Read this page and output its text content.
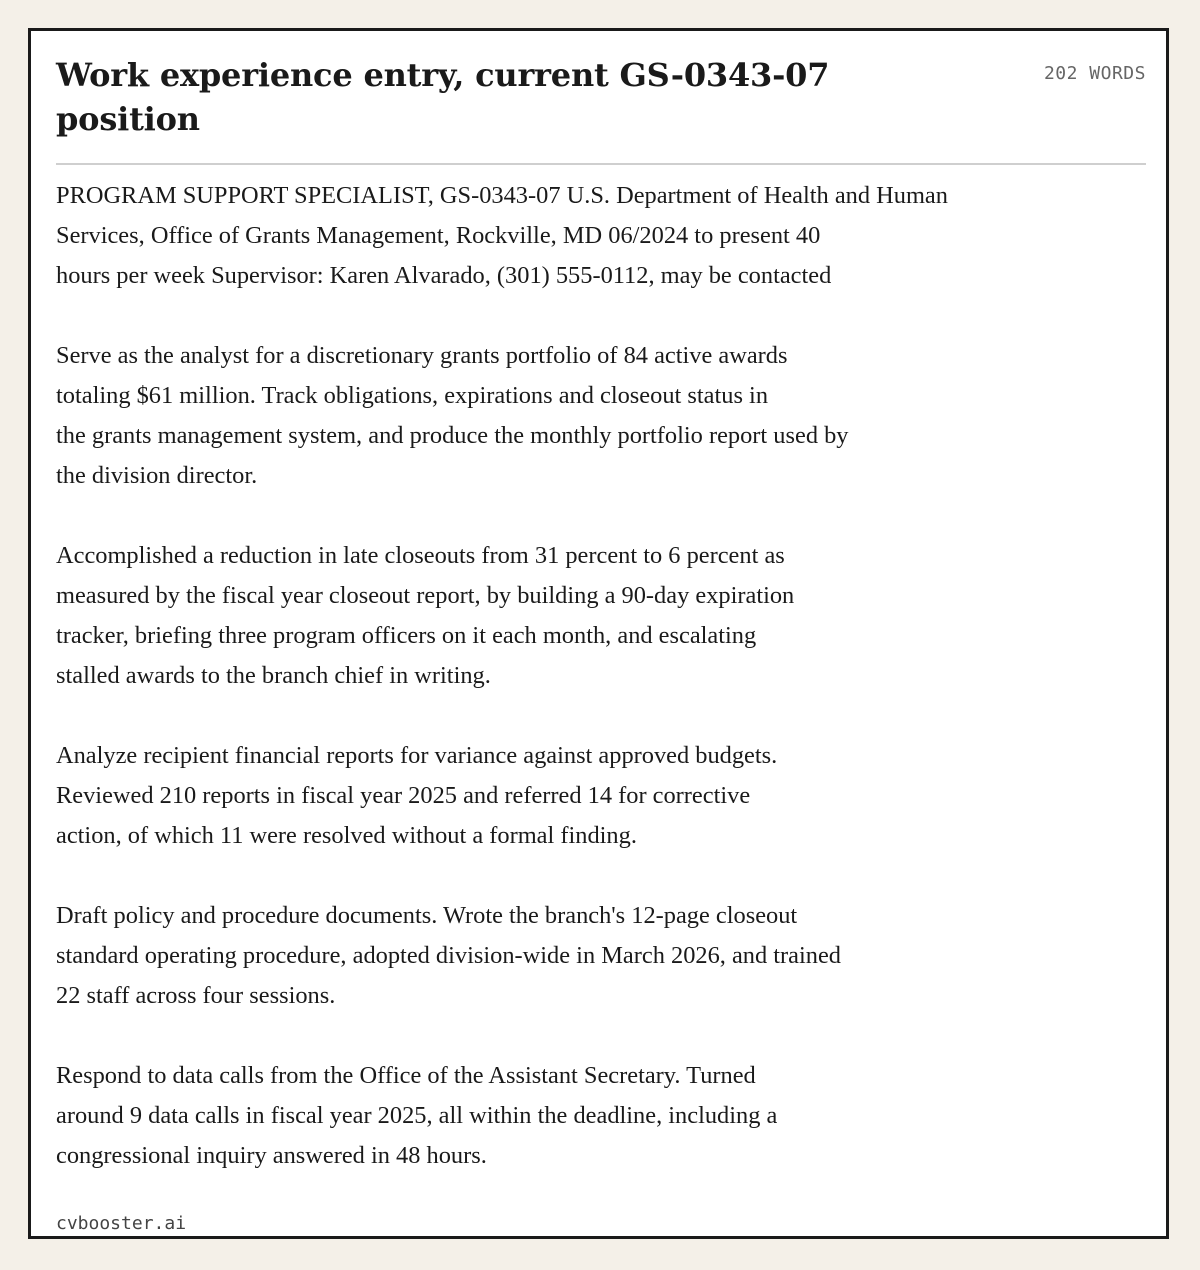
Work experience entry, current GS-0343-07 position
202 WORDS

PROGRAM SUPPORT SPECIALIST, GS-0343-07 U.S. Department of Health and Human
Services, Office of Grants Management, Rockville, MD 06/2024 to present 40
hours per week Supervisor: Karen Alvarado, (301) 555-0112, may be contacted

Serve as the analyst for a discretionary grants portfolio of 84 active awards
totaling $61 million. Track obligations, expirations and closeout status in
the grants management system, and produce the monthly portfolio report used by
the division director.

Accomplished a reduction in late closeouts from 31 percent to 6 percent as
measured by the fiscal year closeout report, by building a 90-day expiration
tracker, briefing three program officers on it each month, and escalating
stalled awards to the branch chief in writing.

Analyze recipient financial reports for variance against approved budgets.
Reviewed 210 reports in fiscal year 2025 and referred 14 for corrective
action, of which 11 were resolved without a formal finding.

Draft policy and procedure documents. Wrote the branch's 12-page closeout
standard operating procedure, adopted division-wide in March 2026, and trained
22 staff across four sessions.

Respond to data calls from the Office of the Assistant Secretary. Turned
around 9 data calls in fiscal year 2025, all within the deadline, including a
congressional inquiry answered in 48 hours.

cvbooster.ai
